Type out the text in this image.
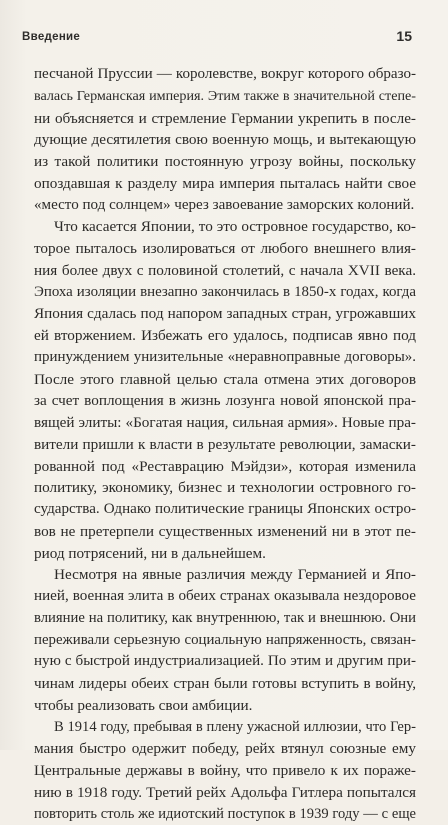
Введение	15
песчаной Пруссии — королевстве, вокруг которого образо-
валась Германская империя. Этим также в значительной степе-
ни объясняется и стремление Германии укрепить в после-
дующие десятилетия свою военную мощь, и вытекающую
из такой политики постоянную угрозу войны, поскольку
опоздавшая к разделу мира империя пыталась найти свое
«место под солнцем» через завоевание заморских колоний.
Что касается Японии, то это островное государство, ко-
торое пыталось изолироваться от любого внешнего влия-
ния более двух с половиной столетий, с начала XVII века.
Эпоха изоляции внезапно закончилась в 1850-х годах, когда
Япония сдалась под напором западных стран, угрожавших
ей вторжением. Избежать его удалось, подписав явно под
принуждением унизительные «неравноправные договоры».
После этого главной целью стала отмена этих договоров
за счет воплощения в жизнь лозунга новой японской пра-
вящей элиты: «Богатая нация, сильная армия». Новые пра-
вители пришли к власти в результате революции, замаски-
рованной под «Реставрацию Мэйдзи», которая изменила
политику, экономику, бизнес и технологии островного го-
сударства. Однако политические границы Японских остро-
вов не претерпели существенных изменений ни в этот пе-
риод потрясений, ни в дальнейшем.
Несмотря на явные различия между Германией и Япо-
нией, военная элита в обеих странах оказывала нездоровое
влияние на политику, как внутреннюю, так и внешнюю. Они
переживали серьезную социальную напряженность, связан-
ную с быстрой индустриализацией. По этим и другим при-
чинам лидеры обеих стран были готовы вступить в войну,
чтобы реализовать свои амбиции.
В 1914 году, пребывая в плену ужасной иллюзии, что Гер-
мания быстро одержит победу, рейх втянул союзные ему
Центральные державы в войну, что привело к их пораже-
нию в 1918 году. Третий рейх Адольфа Гитлера попытался
повторить столь же идиотский поступок в 1939 году — с еще
